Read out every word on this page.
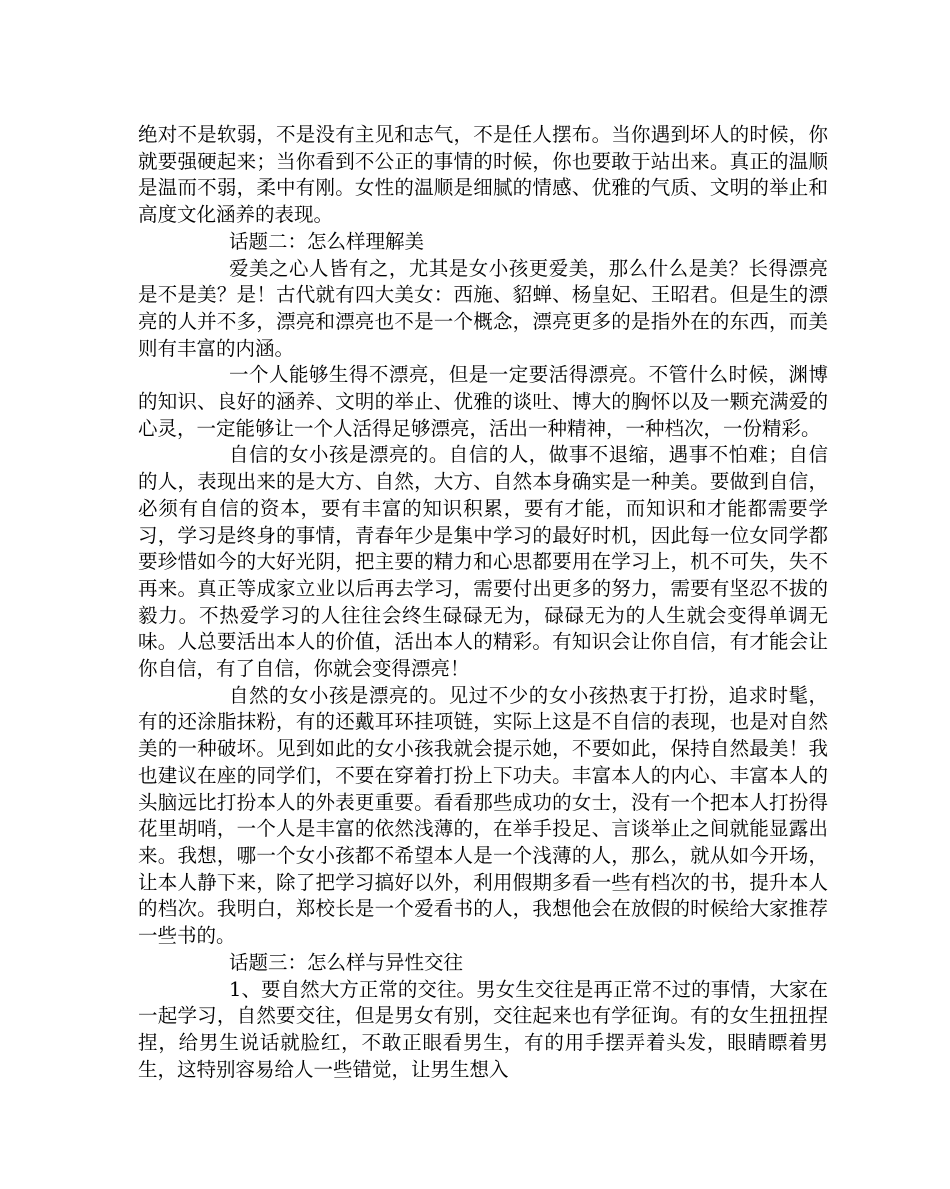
绝对不是软弱，不是没有主见和志气，不是任人摆布。当你遇到坏人的时候，你就要强硬起来；当你看到不公正的事情的时候，你也要敢于站出来。真正的温顺是温而不弱，柔中有刚。女性的温顺是细腻的情感、优雅的气质、文明的举止和高度文化涵养的表现。

话题二：怎么样理解美

爱美之心人皆有之，尤其是女小孩更爱美，那么什么是美？长得漂亮是不是美？是！古代就有四大美女：西施、貂蝉、杨皇妃、王昭君。但是生的漂亮的人并不多，漂亮和漂亮也不是一个概念，漂亮更多的是指外在的东西，而美则有丰富的内涵。

一个人能够生得不漂亮，但是一定要活得漂亮。不管什么时候，渊博的知识、良好的涵养、文明的举止、优雅的谈吐、博大的胸怀以及一颗充满爱的心灵，一定能够让一个人活得足够漂亮，活出一种精神，一种档次，一份精彩。

自信的女小孩是漂亮的。自信的人，做事不退缩，遇事不怕难；自信的人，表现出来的是大方、自然，大方、自然本身确实是一种美。要做到自信，必须有自信的资本，要有丰富的知识积累，要有才能，而知识和才能都需要学习，学习是终身的事情，青春年少是集中学习的最好时机，因此每一位女同学都要珍惜如今的大好光阴，把主要的精力和心思都要用在学习上，机不可失，失不再来。真正等成家立业以后再去学习，需要付出更多的努力，需要有坚忍不拔的毅力。不热爱学习的人往往会终生碌碌无为，碌碌无为的人生就会变得单调无味。人总要活出本人的价值，活出本人的精彩。有知识会让你自信，有才能会让你自信，有了自信，你就会变得漂亮！

自然的女小孩是漂亮的。见过不少的女小孩热衷于打扮，追求时髦，有的还涂脂抹粉，有的还戴耳环挂项链，实际上这是不自信的表现，也是对自然美的一种破坏。见到如此的女小孩我就会提示她，不要如此，保持自然最美！我也建议在座的同学们，不要在穿着打扮上下功夫。丰富本人的内心、丰富本人的头脑远比打扮本人的外表更重要。看看那些成功的女士，没有一个把本人打扮得花里胡哨，一个人是丰富的依然浅薄的，在举手投足、言谈举止之间就能显露出来。我想，哪一个女小孩都不希望本人是一个浅薄的人，那么，就从如今开场，让本人静下来，除了把学习搞好以外，利用假期多看一些有档次的书，提升本人的档次。我明白，郑校长是一个爱看书的人，我想他会在放假的时候给大家推荐一些书的。

话题三：怎么样与异性交往

1、要自然大方正常的交往。男女生交往是再正常不过的事情，大家在一起学习，自然要交往，但是男女有别，交往起来也有学征询。有的女生扭扭捏捏，给男生说话就脸红，不敢正眼看男生，有的用手摆弄着头发，眼睛瞟着男生，这特别容易给人一些错觉，让男生想入
